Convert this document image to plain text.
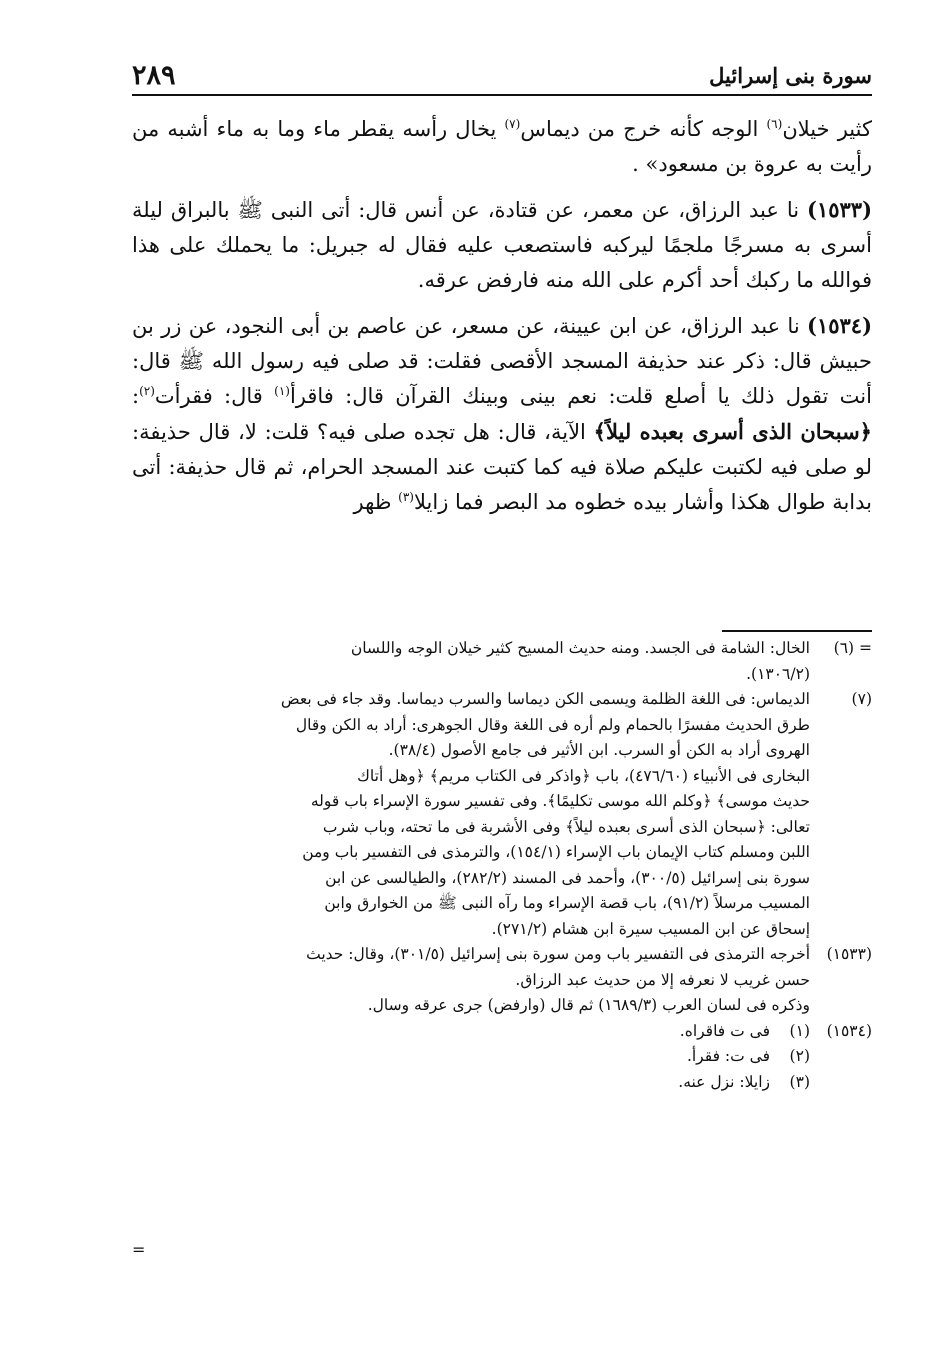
٢٨٩	سورة بنى إسرائيل

كثير خيلان$^{(٦)}$ الوجه كأنه خرج من ديماس$^{(٧)}$ يخال رأسه يقطر ماء وما به ماء أشبه من رأيت به عروة بن مسعود» .

(١٥٣٣) نا عبد الرزاق، عن معمر، عن قتادة، عن أنس قال: أتى النبى ﷺ بالبراق ليلة أسرى به مسرجًا ملجمًا ليركبه فاستصعب عليه فقال له جبريل: ما يحملك على هذا فوالله ما ركبك أحد أكرم على الله منه فارفض عرقه.

(١٥٣٤) نا عبد الرزاق، عن ابن عيينة، عن مسعر، عن عاصم بن أبى النجود، عن زر بن حبيش قال: ذكر عند حذيفة المسجد الأقصى فقلت: قد صلى فيه رسول الله ﷺ قال: أنت تقول ذلك يا أصلع قلت: نعم بينى وبينك القرآن قال: فاقرأ$^{(١)}$ قال: فقرأت$^{(٢)}$: ﴿سبحان الذى أسرى بعبده ليلاً﴾ الآية، قال: هل تجده صلى فيه؟ قلت: لا، قال حذيفة: لو صلى فيه لكتبت عليكم صلاة فيه كما كتبت عند المسجد الحرام، ثم قال حذيفة: أتى بدابة طوال هكذا وأشار بيده خطوه مد البصر فما زايلا$^{(٣)}$ ظهر

= (٦)
الخال: الشامة فى الجسد. ومنه حديث المسيح كثير خيلان الوجه واللسان
(١٣٠٦/٢).
(٧)
الديماس: فى اللغة الظلمة ويسمى الكن ديماسا والسرب ديماسا. وقد جاء فى بعض
طرق الحديث مفسرًا بالحمام ولم أره فى اللغة وقال الجوهرى: أراد به الكن وقال
الهروى أراد به الكن أو السرب. ابن الأثير فى جامع الأصول (٣٨/٤).
البخارى فى الأنبياء (٤٧٦/٦٠)، باب ﴿واذكر فى الكتاب مريم﴾ ﴿وهل أتاك
حديث موسى﴾ ﴿وكلم الله موسى تكليمًا﴾. وفى تفسير سورة الإسراء باب قوله
تعالى: ﴿سبحان الذى أسرى بعبده ليلاً﴾ وفى الأشربة فى ما تحته، وباب شرب
اللبن ومسلم كتاب الإيمان باب الإسراء (١٥٤/١)، والترمذى فى التفسير باب ومن
سورة بنى إسرائيل (٣٠٠/٥)، وأحمد فى المسند (٢٨٢/٢)، والطيالسى عن ابن
المسيب مرسلاً (٩١/٢)، باب قصة الإسراء وما رآه النبى ﷺ من الخوارق وابن
إسحاق عن ابن المسيب سيرة ابن هشام (٢٧١/٢).
(١٥٣٣)
أخرجه الترمذى فى التفسير باب ومن سورة بنى إسرائيل (٣٠١/٥)، وقال: حديث
حسن غريب لا نعرفه إلا من حديث عبد الرزاق.
وذكره فى لسان العرب (١٦٨٩/٣) ثم قال (وارفض) جرى عرقه وسال.
(١٥٣٤)
(١)
فى ت فاقراه.
(٢)
فى ت: فقرأ.
(٣)
زايلا: نزل عنه.
=
